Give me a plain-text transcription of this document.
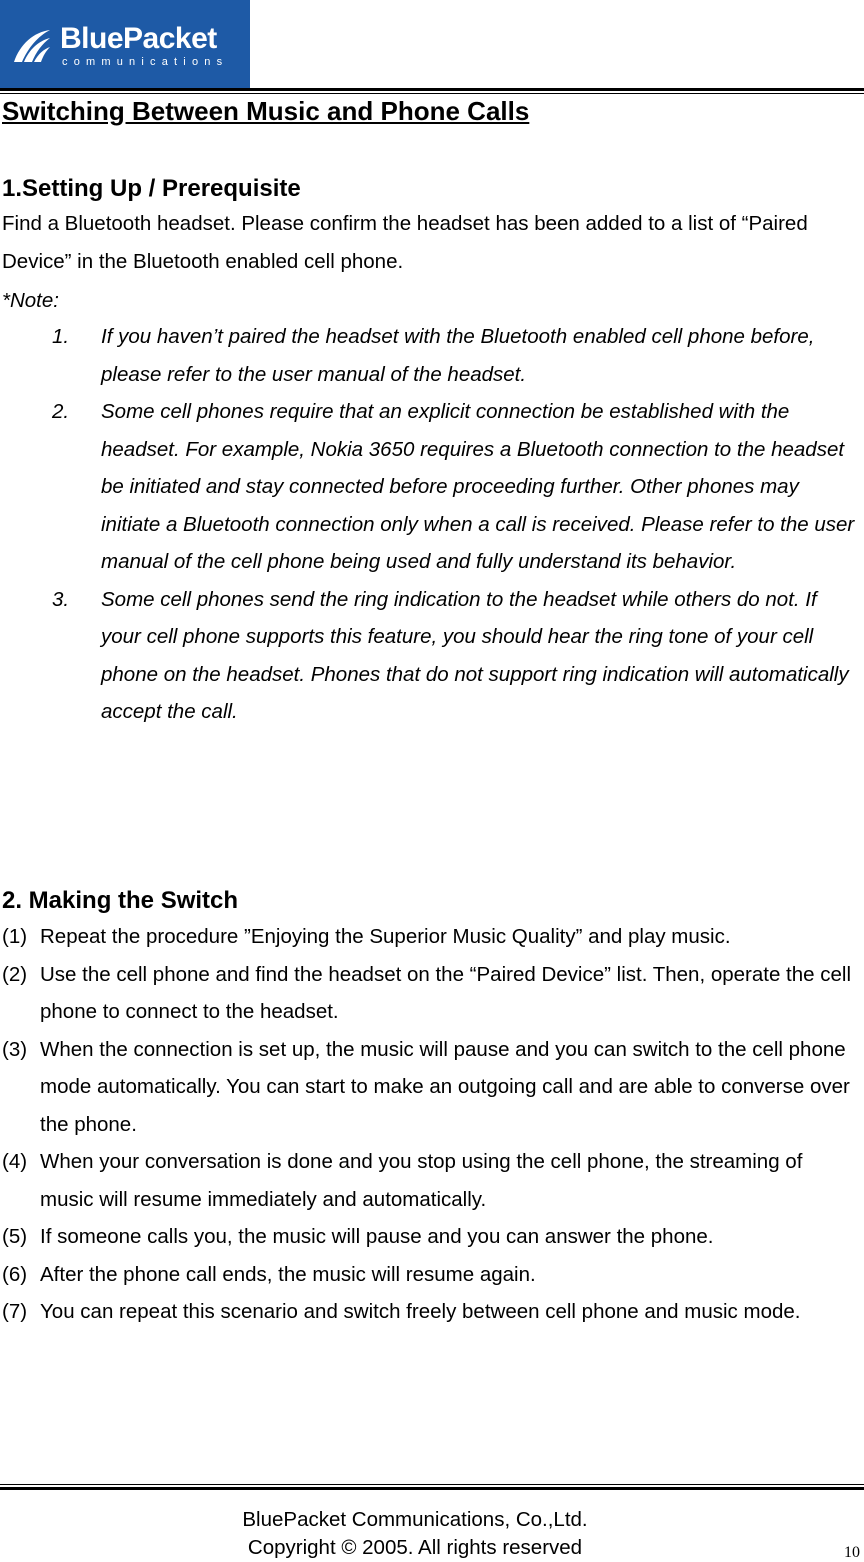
BluePacket
communications
Switching Between Music and Phone Calls
1.Setting Up / Prerequisite
Find a Bluetooth headset. Please confirm the headset has been added to a list of “Paired Device” in the Bluetooth enabled cell phone.
*Note:
1. If you haven’t paired the headset with the Bluetooth enabled cell phone before, please refer to the user manual of the headset.
2. Some cell phones require that an explicit connection be established with the headset. For example, Nokia 3650 requires a Bluetooth connection to the headset be initiated and stay connected before proceeding further. Other phones may initiate a Bluetooth connection only when a call is received. Please refer to the user manual of the cell phone being used and fully understand its behavior.
3. Some cell phones send the ring indication to the headset while others do not. If your cell phone supports this feature, you should hear the ring tone of your cell phone on the headset. Phones that do not support ring indication will automatically accept the call.
2. Making the Switch
(1) Repeat the procedure ”Enjoying the Superior Music Quality” and play music.
(2) Use the cell phone and find the headset on the “Paired Device” list. Then, operate the cell phone to connect to the headset.
(3) When the connection is set up, the music will pause and you can switch to the cell phone mode automatically. You can start to make an outgoing call and are able to converse over the phone.
(4) When your conversation is done and you stop using the cell phone, the streaming of music will resume immediately and automatically.
(5) If someone calls you, the music will pause and you can answer the phone.
(6) After the phone call ends, the music will resume again.
(7) You can repeat this scenario and switch freely between cell phone and music mode.
BluePacket Communications, Co.,Ltd.
Copyright © 2005. All rights reserved	10
